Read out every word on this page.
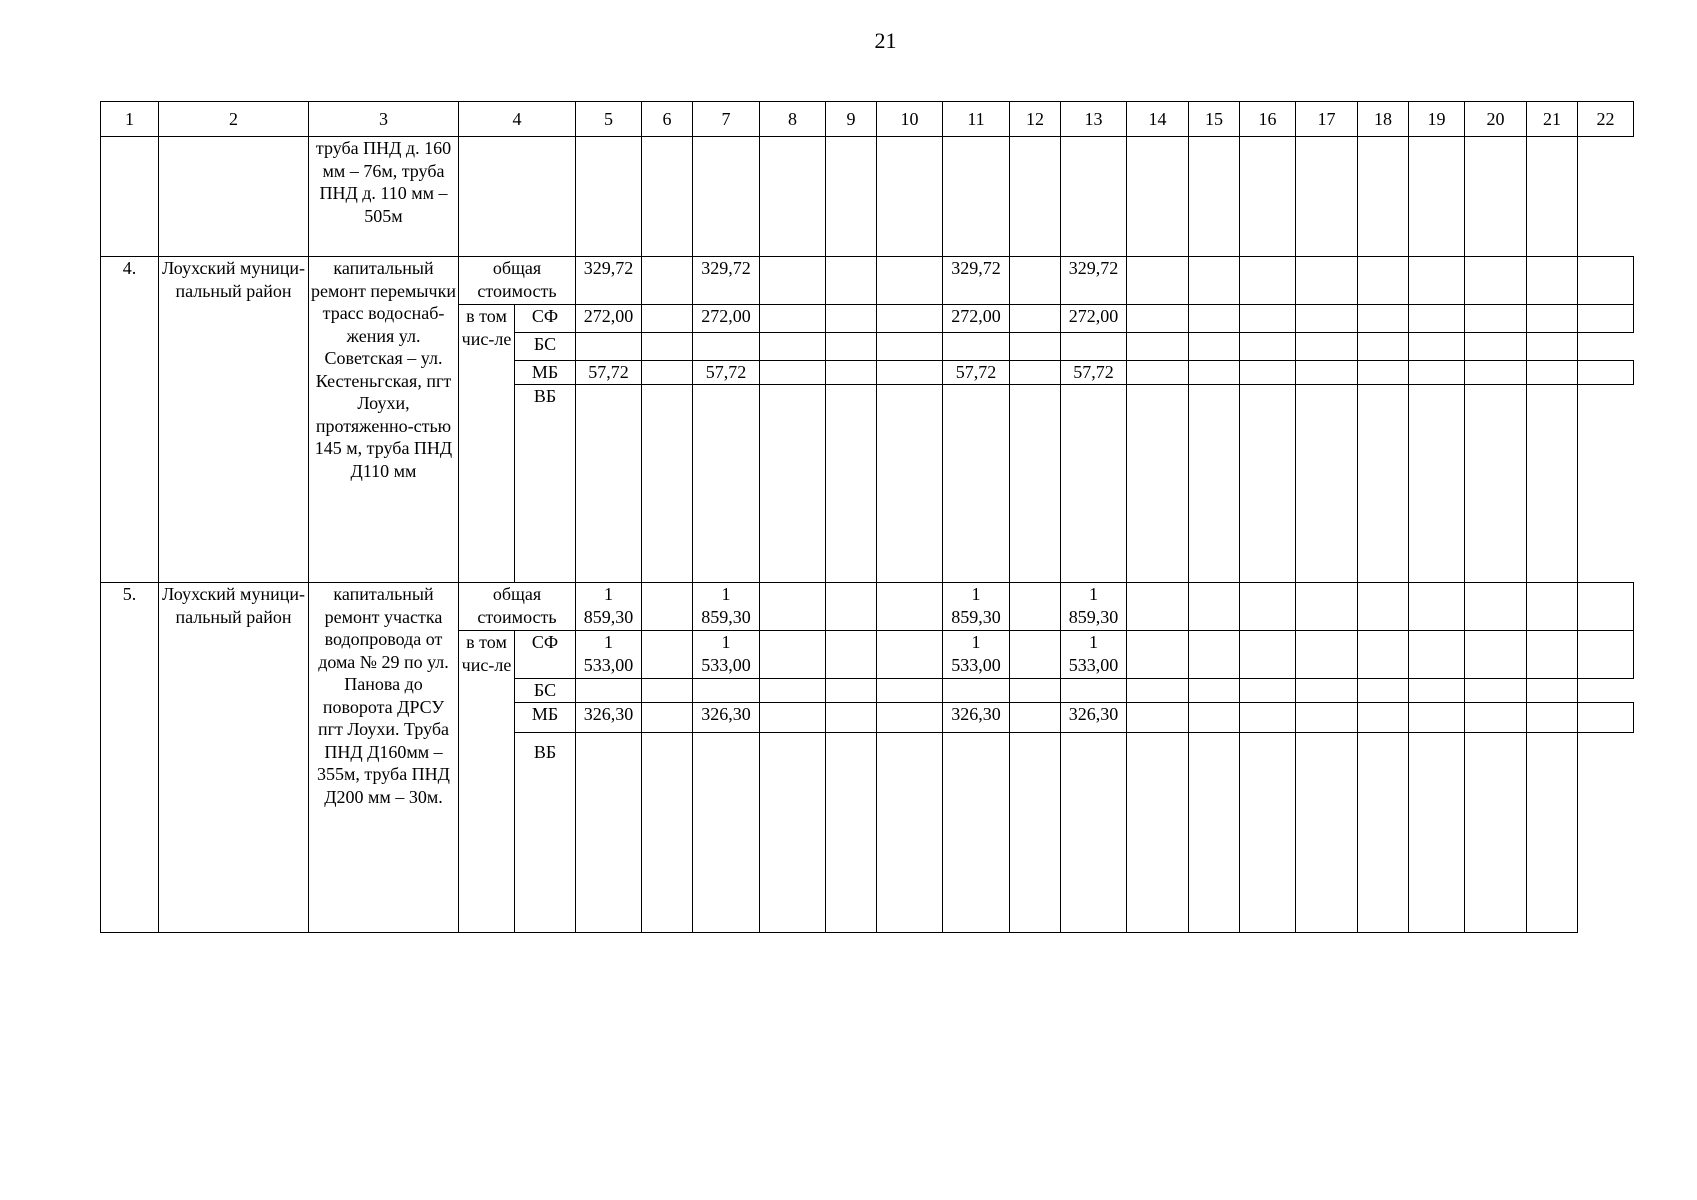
21
1	2	3	4		5	6	7	8	9	10	11	12	13	14	15	16	17	18	19	20	21	22
		труба ПНД д. 160 мм – 76м, труба ПНД д. 110 мм – 505м																				
4.	Лоухский муници-пальный район	капитальный ремонт перемычки трасс водоснаб-жения ул. Советская – ул. Кестеньгская, пгт Лоухи, протяженно-стью 145 м, труба ПНД Д110 мм	общая стоимость		329,72		329,72				329,72		329,72									
			в том чис-ле	СФ	272,00		272,00				272,00		272,00									
				БС																		
				МБ	57,72		57,72				57,72		57,72									
				ВБ																		
5.	Лоухский муници-пальный район	капитальный ремонт участка водопровода от дома № 29 по ул. Панова до поворота ДРСУ пгт Лоухи. Труба ПНД Д160мм – 355м, труба ПНД Д200 мм – 30м.	общая стоимость		1 859,30		1 859,30				1 859,30		1 859,30									
			в том чис-ле	СФ	1 533,00		1 533,00				1 533,00		1 533,00									
				БС																		
				МБ	326,30		326,30				326,30		326,30									
				ВБ																		
